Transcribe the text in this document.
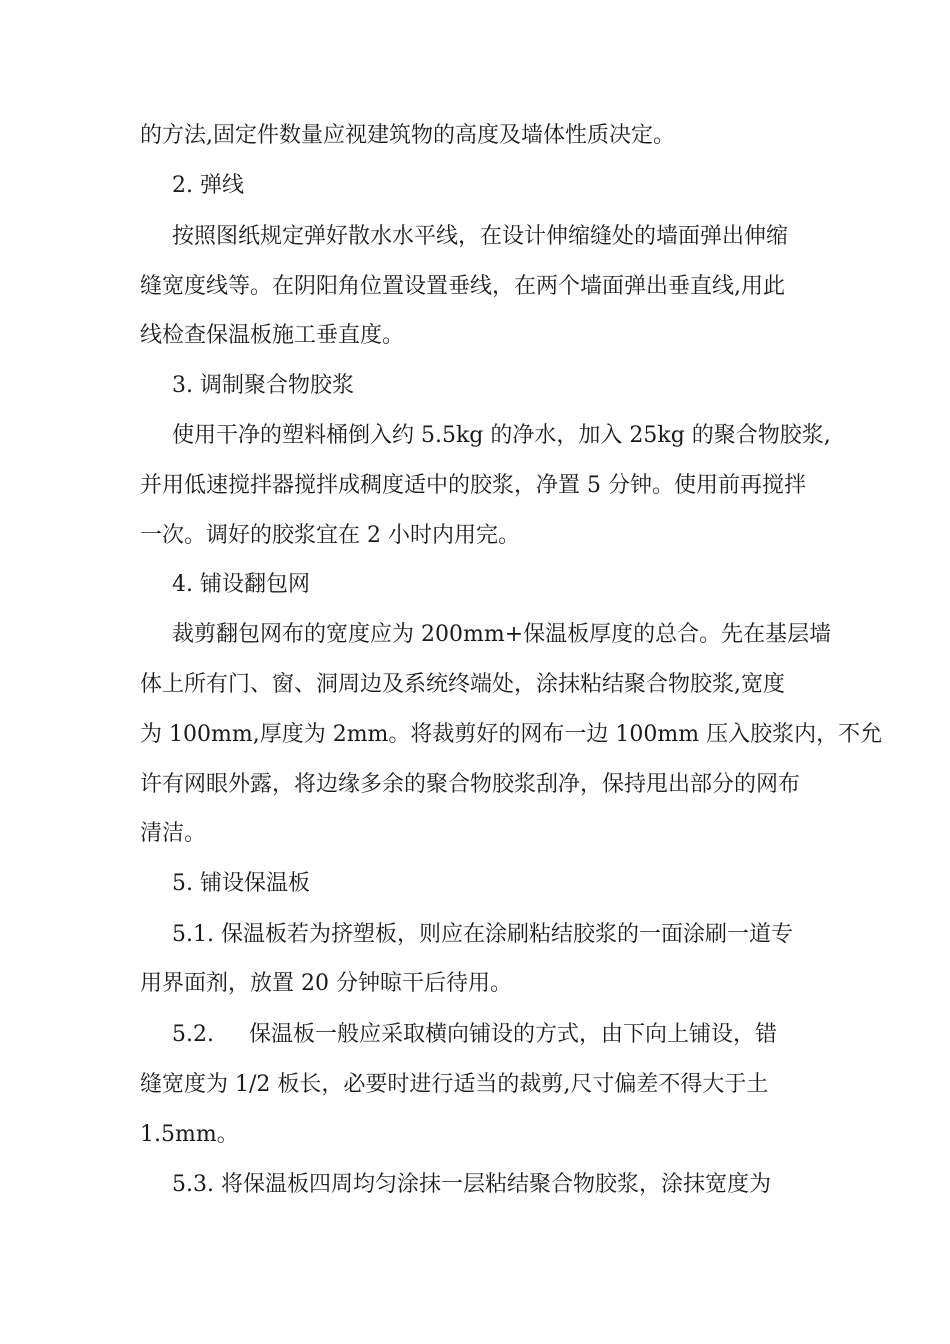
的方法,固定件数量应视建筑物的高度及墙体性质决定。
2. 弹线
按照图纸规定弹好散水水平线，在设计伸缩缝处的墙面弹出伸缩
缝宽度线等。在阴阳角位置设置垂线，在两个墙面弹出垂直线,用此
线检查保温板施工垂直度。
3. 调制聚合物胶浆
使用干净的塑料桶倒入约 5.5kg 的净水，加入 25kg 的聚合物胶浆,
并用低速搅拌器搅拌成稠度适中的胶浆，净置 5 分钟。使用前再搅拌
一次。调好的胶浆宜在 2 小时内用完。
4. 铺设翻包网
裁剪翻包网布的宽度应为 200mm+保温板厚度的总合。先在基层墙
体上所有门、窗、洞周边及系统终端处，涂抹粘结聚合物胶浆,宽度
为 100mm,厚度为 2mm。将裁剪好的网布一边 100mm 压入胶浆内，不允
许有网眼外露，将边缘多余的聚合物胶浆刮净，保持甩出部分的网布
清洁。
5. 铺设保温板
5.1. 保温板若为挤塑板，则应在涂刷粘结胶浆的一面涂刷一道专
用界面剂，放置 20 分钟晾干后待用。
5.2.     保温板一般应采取横向铺设的方式，由下向上铺设，错
缝宽度为 1/2 板长，必要时进行适当的裁剪,尺寸偏差不得大于土
1.5mm。
5.3. 将保温板四周均匀涂抹一层粘结聚合物胶浆，涂抹宽度为
